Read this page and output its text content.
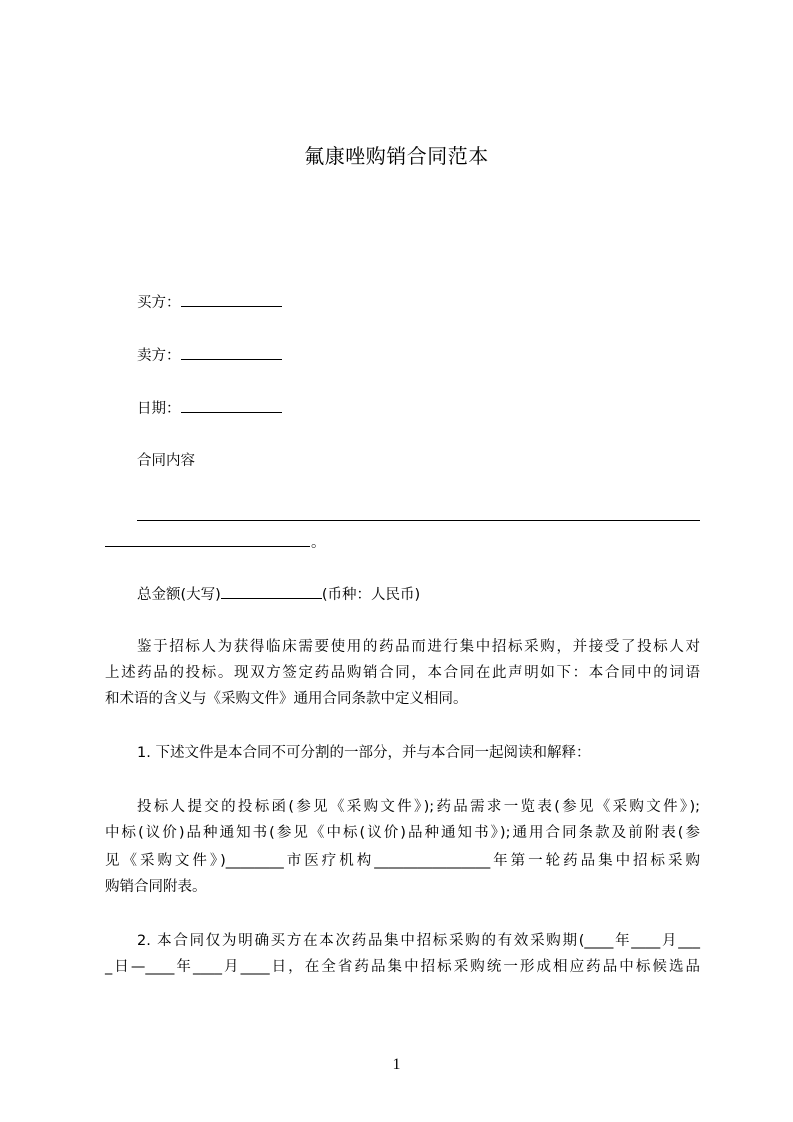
氟康唑购销合同范本
买方：
卖方：
日期：
合同内容
。
总金额(大写)	(币种：人民币)
鉴于招标人为获得临床需要使用的药品而进行集中招标采购，并接受了投标人对
上述药品的投标。现双方签定药品购销合同，本合同在此声明如下：本合同中的词语
和术语的含义与《采购文件》通用合同条款中定义相同。
1. 下述文件是本合同不可分割的一部分，并与本合同一起阅读和解释：
投标人提交的投标函(参见《采购文件》);药品需求一览表(参见《采购文件》);
中标(议价)品种通知书(参见《中标(议价)品种通知书》);通用合同条款及前附表(参
见《采购文件》)________市医疗机构________________年第一轮药品集中招标采购
购销合同附表。
2. 本合同仅为明确买方在本次药品集中招标采购的有效采购期(____年____月___
_日—____年____月____日，在全省药品集中招标采购统一形成相应药品中标候选品
1
